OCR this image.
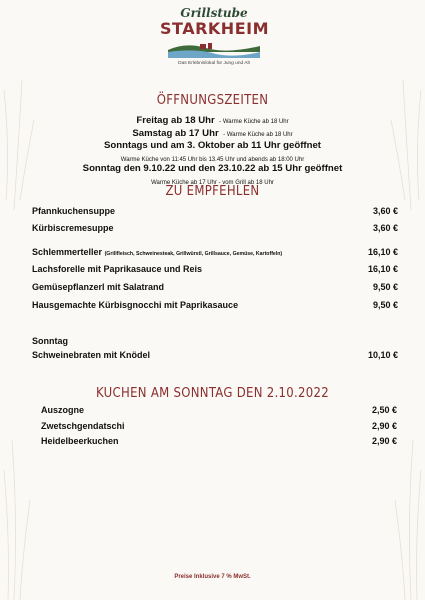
Grillstube
STARKHEIM
Das Erlebnislokal für Jung und Alt
ÖFFNUNGSZEITEN
Freitag ab 18 Uhr - Warme Küche ab 18 Uhr
Samstag ab 17 Uhr - Warme Küche ab 18 Uhr
Sonntags und am 3. Oktober ab 11 Uhr geöffnet
Warme Küche von 11:45 Uhr bis 13.45 Uhr und abends ab 18:00 Uhr
Sonntag den 9.10.22 und den 23.10.22 ab 15 Uhr geöffnet
Warme Küche ab 17 Uhr - vom Grill ab 18 Uhr
ZU EMPFEHLEN
Pfannkuchensuppe	3,60 €
Kürbiscremesuppe	3,60 €
Schlemmerteller (Grillfleisch, Schweinesteak, Grillwürstl, Grillsauce, Gemüse, Kartoffeln)	16,10 €
Lachsforelle mit Paprikasauce und Reis	16,10 €
Gemüsepflanzerl mit Salatrand	9,50 €
Hausgemachte Kürbisgnocchi mit Paprikasauce	9,50 €
Sonntag
Schweinebraten mit Knödel	10,10 €
KUCHEN AM SONNTAG DEN 2.10.2022
Auszogne	2,50 €
Zwetschgendatschi	2,90 €
Heidelbeerkuchen	2,90 €
Preise Inklusive 7 % MwSt.
